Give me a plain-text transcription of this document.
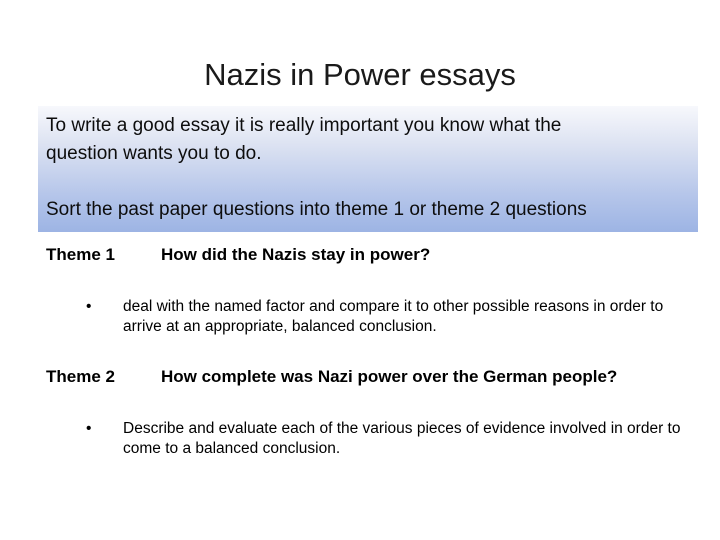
Nazis in Power essays
To write a good essay it is really important you know what the
question wants you to do.
Sort the past paper questions into theme 1 or theme 2 questions
Theme 1	How did the Nazis stay in power?
•	deal with the named factor and compare it to other possible reasons in order to arrive at an appropriate, balanced conclusion.
Theme 2	How complete was Nazi power over the German people?
•	Describe and evaluate each of the various pieces of evidence involved in order to come to a balanced conclusion.
